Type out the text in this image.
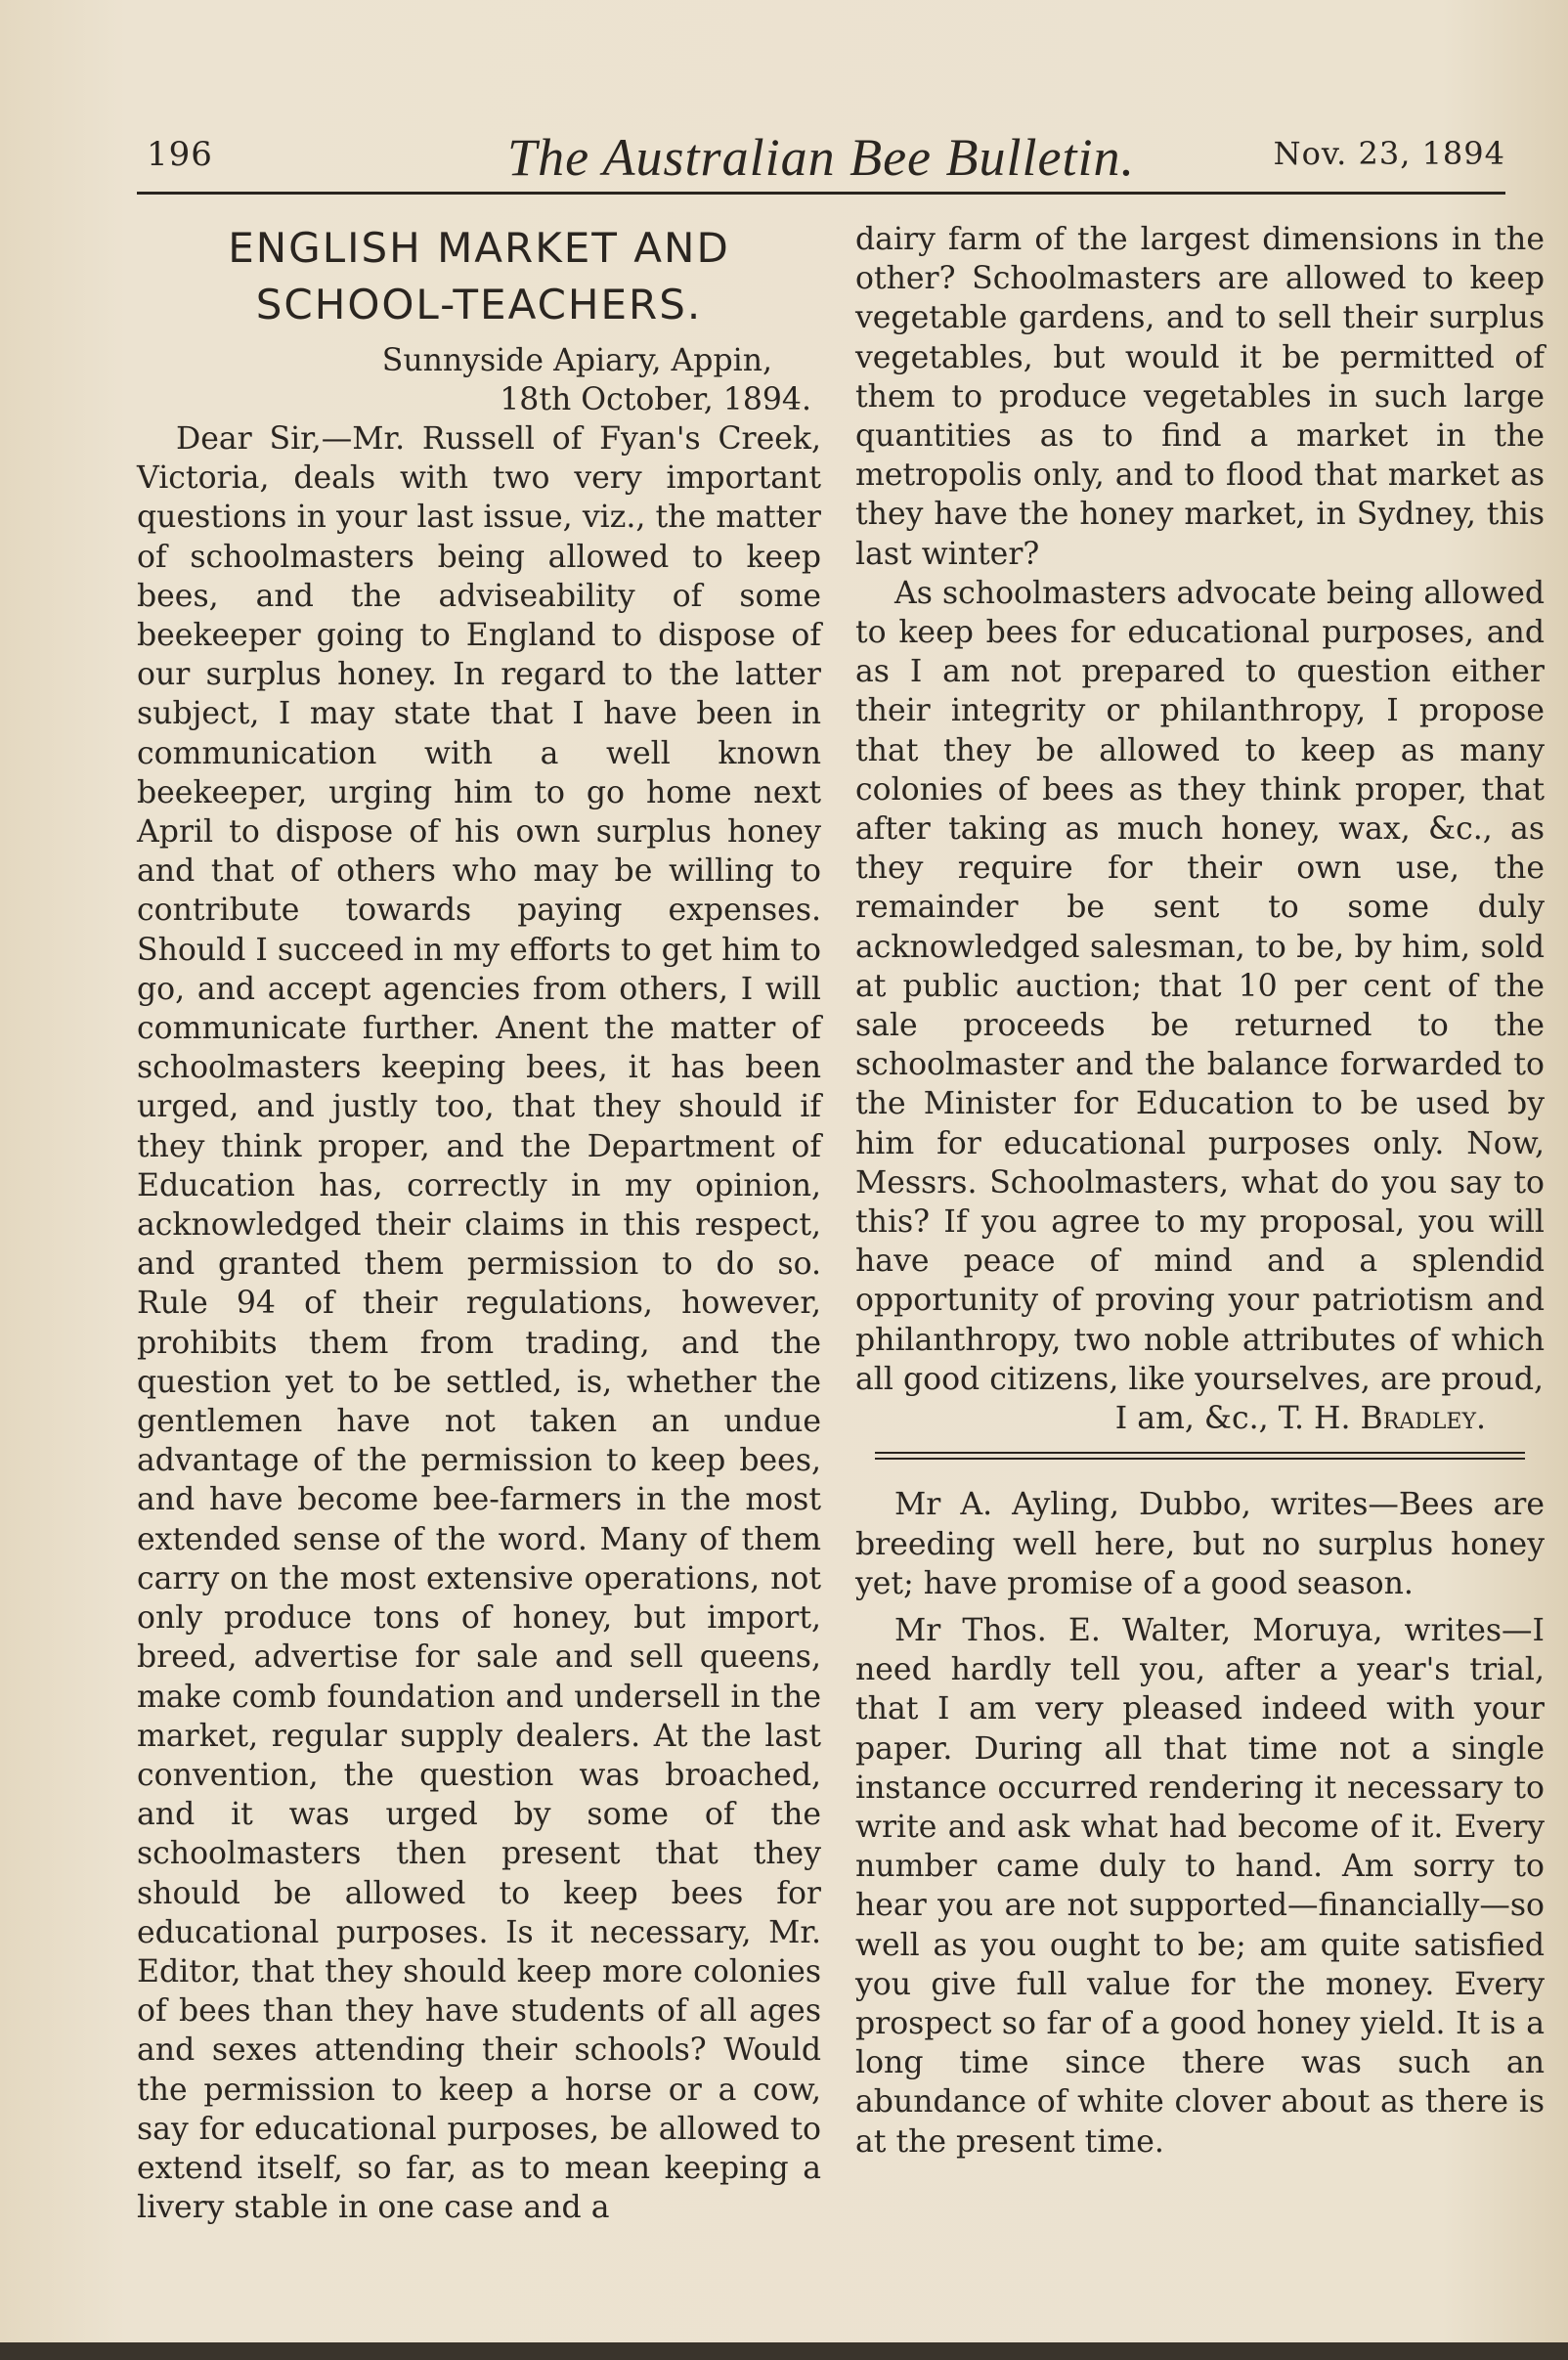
196	The Australian Bee Bulletin.	Nov. 23, 1894
ENGLISH MARKET AND
SCHOOL-TEACHERS.
Sunnyside Apiary, Appin,
18th October, 1894.

Dear Sir,—Mr. Russell of Fyan's Creek, Victoria, deals with two very important questions in your last issue, viz., the matter of schoolmasters being allowed to keep bees, and the adviseability of some beekeeper going to England to dispose of our surplus honey. In regard to the latter subject, I may state that I have been in communication with a well known beekeeper, urging him to go home next April to dispose of his own surplus honey and that of others who may be willing to contribute towards paying expenses. Should I succeed in my efforts to get him to go, and accept agencies from others, I will communicate further. Anent the matter of schoolmasters keeping bees, it has been urged, and justly too, that they should if they think proper, and the Department of Education has, correctly in my opinion, acknowledged their claims in this respect, and granted them permission to do so. Rule 94 of their regulations, however, prohibits them from trading, and the question yet to be settled, is, whether the gentlemen have not taken an undue advantage of the permission to keep bees, and have become bee-farmers in the most extended sense of the word. Many of them carry on the most extensive operations, not only produce tons of honey, but import, breed, advertise for sale and sell queens, make comb foundation and undersell in the market, regular supply dealers. At the last convention, the question was broached, and it was urged by some of the schoolmasters then present that they should be allowed to keep bees for educational purposes. Is it necessary, Mr. Editor, that they should keep more colonies of bees than they have students of all ages and sexes attending their schools? Would the permission to keep a horse or a cow, say for educational purposes, be allowed to extend itself, so far, as to mean keeping a livery stable in one case and a

dairy farm of the largest dimensions in the other? Schoolmasters are allowed to keep vegetable gardens, and to sell their surplus vegetables, but would it be permitted of them to produce vegetables in such large quantities as to find a market in the metropolis only, and to flood that market as they have the honey market, in Sydney, this last winter?

As schoolmasters advocate being allowed to keep bees for educational purposes, and as I am not prepared to question either their integrity or philanthropy, I propose that they be allowed to keep as many colonies of bees as they think proper, that after taking as much honey, wax, &c., as they require for their own use, the remainder be sent to some duly acknowledged salesman, to be, by him, sold at public auction; that 10 per cent of the sale proceeds be returned to the schoolmaster and the balance forwarded to the Minister for Education to be used by him for educational purposes only. Now, Messrs. Schoolmasters, what do you say to this? If you agree to my proposal, you will have peace of mind and a splendid opportunity of proving your patriotism and philanthropy, two noble attributes of which all good citizens, like yourselves, are proud,

I am, &c., T. H. Bradley.

Mr A. Ayling, Dubbo, writes—Bees are breeding well here, but no surplus honey yet; have promise of a good season.

Mr Thos. E. Walter, Moruya, writes—I need hardly tell you, after a year's trial, that I am very pleased indeed with your paper. During all that time not a single instance occurred rendering it necessary to write and ask what had become of it. Every number came duly to hand. Am sorry to hear you are not supported—financially—so well as you ought to be; am quite satisfied you give full value for the money. Every prospect so far of a good honey yield. It is a long time since there was such an abundance of white clover about as there is at the present time.
